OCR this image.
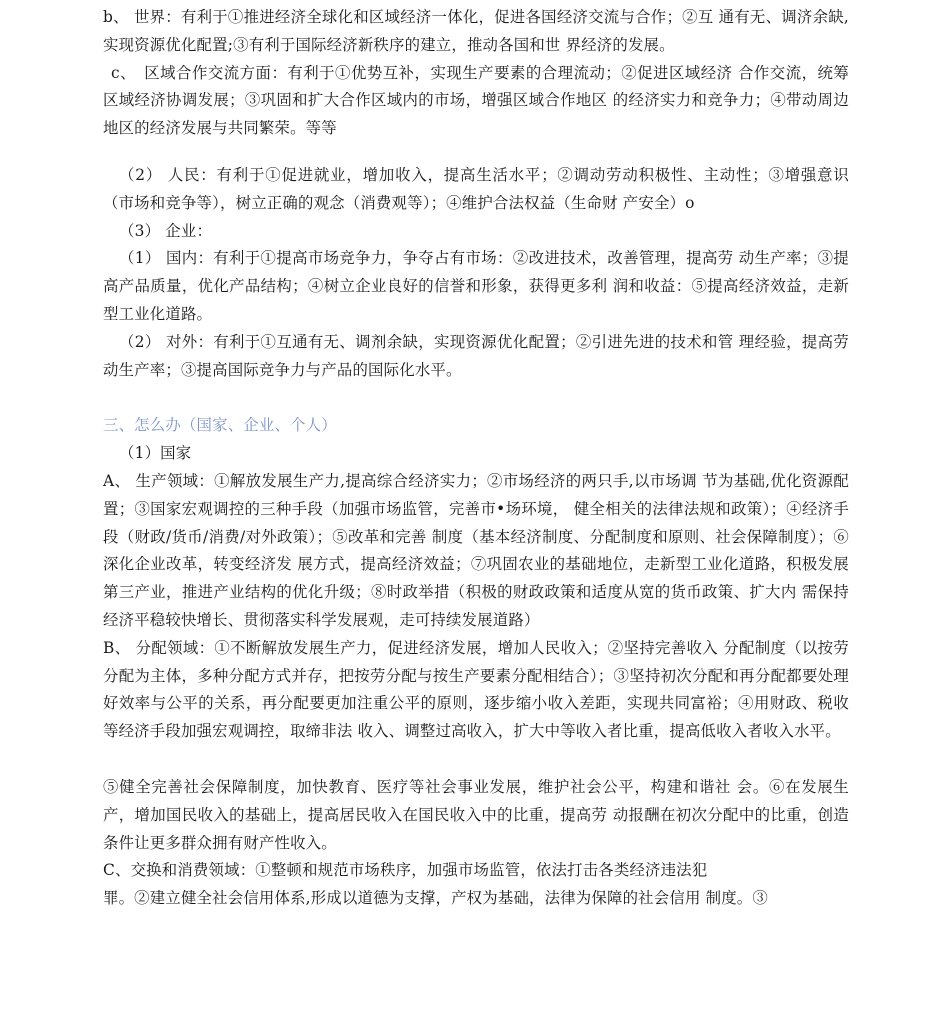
b、 世界：有利于①推进经济全球化和区域经济一体化，促进各国经济交流与合作；②互 通有无、调济余缺,实现资源优化配置;③有利于国际经济新秩序的建立，推动各国和世 界经济的发展。

c、　区域合作交流方面：有利于①优势互补，实现生产要素的合理流动；②促进区域经济 合作交流，统筹区域经济协调发展；③巩固和扩大合作区域内的市场，增强区域合作地区 的经济实力和竞争力；④带动周边地区的经济发展与共同繁荣。等等

（2） 人民：有利于①促进就业，增加收入，提高生活水平；②调动劳动积极性、主动性；③增强意识（市场和竞争等），树立正确的观念（消费观等）；④维护合法权益（生命财 产安全）o

（3） 企业：

（1） 国内：有利于①提高市场竞争力，争夺占有市场：②改进技术，改善管理，提高劳 动生产率；③提高产品质量，优化产品结构；④树立企业良好的信誉和形象，获得更多利 润和收益：⑤提高经济效益，走新型工业化道路。

（2） 对外：有利于①互通有无、调剂余缺，实现资源优化配置；②引进先进的技术和管 理经验，提高劳动生产率；③提高国际竞争力与产品的国际化水平。

三、怎么办（国家、企业、个人）

（1）国家

A、 生产领域：①解放发展生产力,提高综合经济实力；②市场经济的两只手,以市场调 节为基础,优化资源配置；③国家宏观调控的三种手段（加强市场监管，完善市•场环境， 健全相关的法律法规和政策）；④经济手段（财政/货币/消费/对外政策）；⑤改革和完善 制度（基本经济制度、分配制度和原则、社会保障制度）；⑥深化企业改革，转变经济发 展方式，提高经济效益；⑦巩固农业的基础地位，走新型工业化道路，积极发展第三产业，推进产业结构的优化升级；⑧时政举措（积极的财政政策和适度从宽的货币政策、扩大内 需保持经济平稳较快增长、贯彻落实科学发展观，走可持续发展道路）

B、 分配领域：①不断解放发展生产力，促进经济发展，增加人民收入；②坚持完善收入 分配制度（以按劳分配为主体，多种分配方式并存，把按劳分配与按生产要素分配相结合）；③坚持初次分配和再分配都要处理好效率与公平的关系，再分配要更加注重公平的原则，逐步缩小收入差距，实现共同富裕；④用财政、税收等经济手段加强宏观调控，取缔非法 收入、调整过高收入，扩大中等收入者比重，提高低收入者收入水平。

⑤健全完善社会保障制度，加快教育、医疗等社会事业发展，维护社会公平，构建和谐社 会。⑥在发展生产，增加国民收入的基础上，提高居民收入在国民收入中的比重，提高劳 动报酬在初次分配中的比重，创造条件让更多群众拥有财产性收入。

C、交换和消费领域：①整顿和规范市场秩序，加强市场监管，依法打击各类经济违法犯

罪。②建立健全社会信用体系,形成以道德为支撑，产权为基础，法律为保障的社会信用 制度。③
